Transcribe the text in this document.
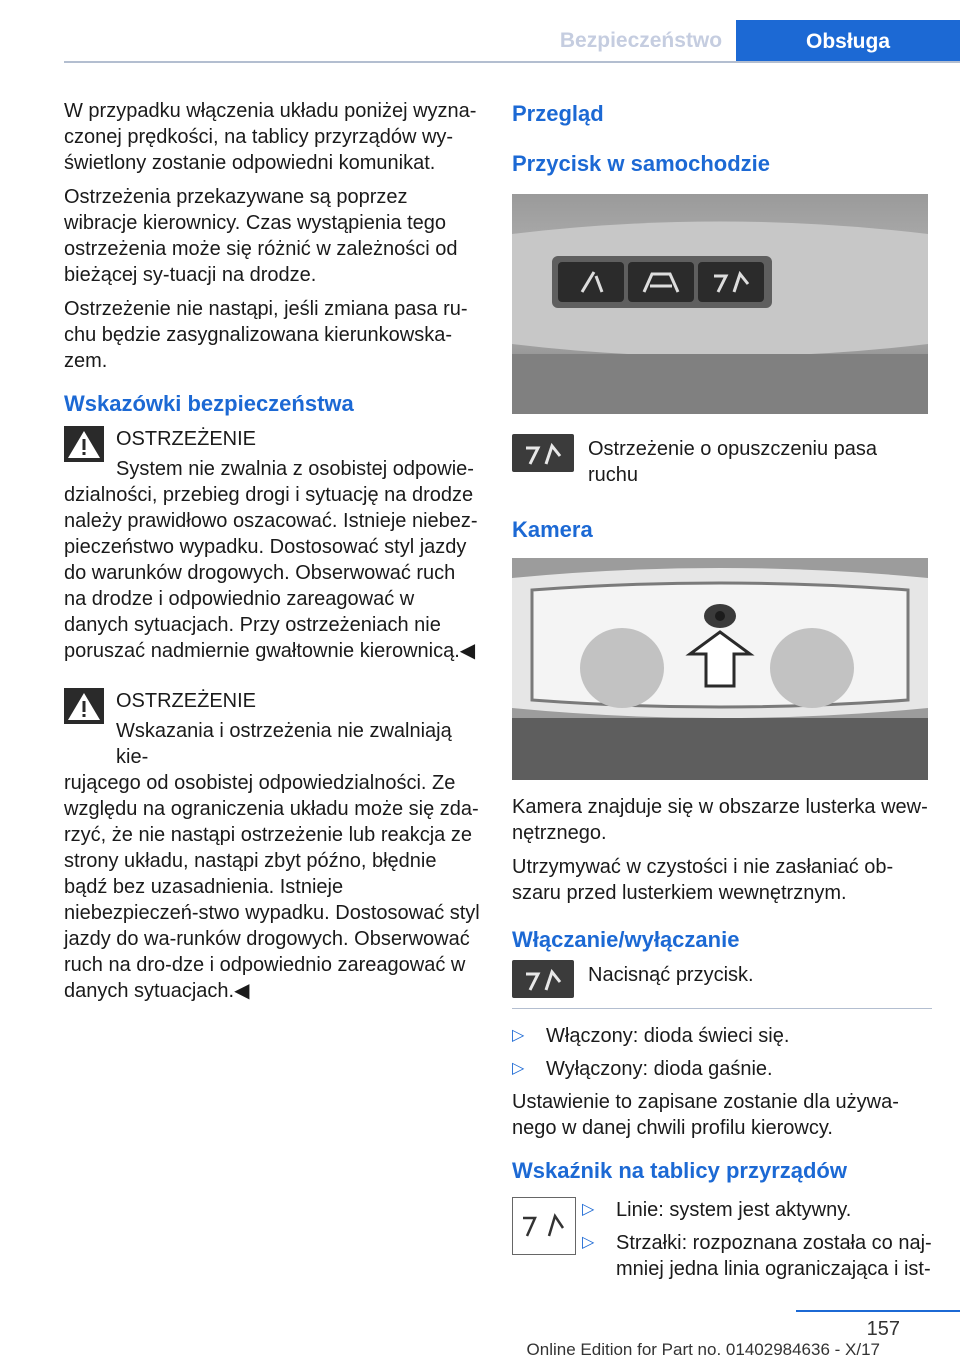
Bezpieczeństwo	Obsługa

W przypadku włączenia układu poniżej wyzna‐czonej prędkości, na tablicy przyrządów wy‐świetlony zostanie odpowiedni komunikat.

Ostrzeżenia przekazywane są poprzez wibracje kierownicy. Czas wystąpienia tego ostrzeżenia może się różnić w zależności od bieżącej sy‐tuacji na drodze.

Ostrzeżenie nie nastąpi, jeśli zmiana pasa ru‐chu będzie zasygnalizowana kierunkowska‐zem.

Wskazówki bezpieczeństwa

OSTRZEŻENIE

System nie zwalnia z osobistej odpowie‐

dzialności, przebieg drogi i sytuację na drodze należy prawidłowo oszacować. Istnieje niebez‐pieczeństwo wypadku. Dostosować styl jazdy do warunków drogowych. Obserwować ruch na drodze i odpowiednio zareagować w danych sytuacjach. Przy ostrzeżeniach nie poruszać nadmiernie gwałtownie kierownicą.◀

OSTRZEŻENIE

Wskazania i ostrzeżenia nie zwalniają kie‐

rującego od osobistej odpowiedzialności. Ze względu na ograniczenia układu może się zda‐rzyć, że nie nastąpi ostrzeżenie lub reakcja ze strony układu, nastąpi zbyt późno, błędnie bądź bez uzasadnienia. Istnieje niebezpieczeń‐stwo wypadku. Dostosować styl jazdy do wa‐runków drogowych. Obserwować ruch na dro‐dze i odpowiednio zareagować w danych sytuacjach.◀

Przegląd
Przycisk w samochodzie

Ostrzeżenie o opuszczeniu pasa ruchu

Kamera

Kamera znajduje się w obszarze lusterka wew‐nętrznego.

Utrzymywać w czystości i nie zasłaniać ob‐szaru przed lusterkiem wewnętrznym.

Włączanie/wyłączanie

Nacisnąć przycisk.

▷ Włączony: dioda świeci się.
▷ Wyłączony: dioda gaśnie.

Ustawienie to zapisane zostanie dla używa‐nego w danej chwili profilu kierowcy.

Wskaźnik na tablicy przyrządów
▷ Linie: system jest aktywny.
▷ Strzałki: rozpoznana została co naj‐mniej jedna linia ograniczająca i ist‐
157
Online Edition for Part no. 01402984636 - X/17
